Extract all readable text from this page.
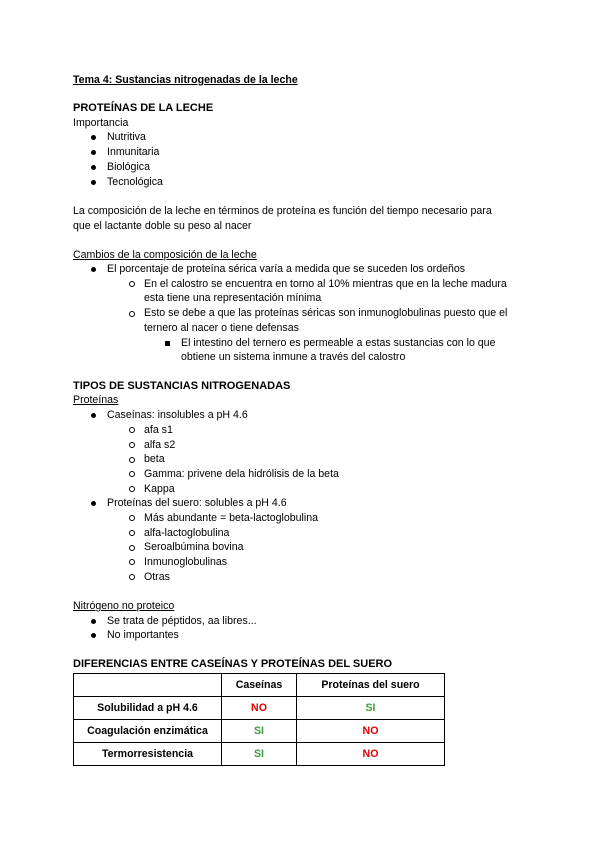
Tema 4: Sustancias nitrogenadas de la leche
PROTEÍNAS DE LA LECHE
Importancia
Nutritiva
Inmunitaria
Biológica
Tecnológica
La composición de la leche en términos de proteína es función del tiempo necesario para
que el lactante doble su peso al nacer
Cambios de la composición de la leche
El porcentaje de proteína sérica varía a medida que se suceden los ordeños
En el calostro se encuentra en torno al 10% mientras que en la leche madura
esta tiene una representación mínima
Esto se debe a que las proteínas séricas son inmunoglobulinas puesto que el
ternero al nacer o tiene defensas
El intestino del ternero es permeable a estas sustancias con lo que
obtiene un sistema inmune a través del calostro
TIPOS DE SUSTANCIAS NITROGENADAS
Proteínas
Caseínas: insolubles a pH 4.6
afa s1
alfa s2
beta
Gamma: privene dela hidrólisis de la beta
Kappa
Proteínas del suero: solubles a pH 4.6
Más abundante = beta-lactoglobulina
alfa-lactoglobulina
Seroalbúmina bovina
Inmunoglobulinas
Otras
Nitrógeno no proteico
Se trata de péptidos, aa libres...
No importantes
DIFERENCIAS ENTRE CASEÍNAS Y PROTEÍNAS DEL SUERO
	Caseínas	Proteínas del suero
Solubilidad a pH 4.6	NO	SI
Coagulación enzimática	SI	NO
Termorresistencia	SI	NO
